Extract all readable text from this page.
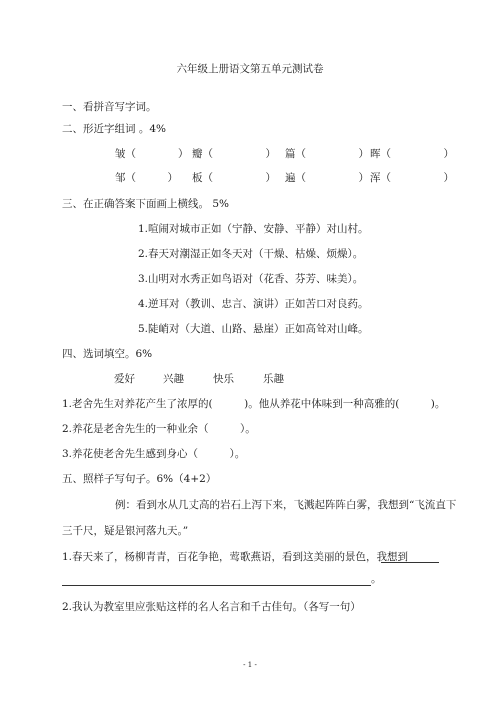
六年级上册语文第五单元测试卷
一、看拼音写字词。
二、形近字组词 。4%
皱（　　　　） 瓣（　　　　　） 篇（　　　　　） 晖（　　　　　）
邹（　　　） 板（　　　　　） 遍（　　　　　） 浑（　　　　　）
三、在正确答案下面画上横线。 5%
1.喧闹对城市正如（宁静、安静、平静）对山村。
2.春天对潮湿正如冬天对（干燥、枯燥、烦燥）。
3.山明对水秀正如鸟语对（花香、芬芳、味美）。
4.逆耳对（教训、忠言、演讲）正如苦口对良药。
5.陡峭对（大道、山路、悬崖）正如高耸对山峰。
四、选词填空。6%
爱好	兴趣	快乐	乐趣
1.老舍先生对养花产生了浓厚的(　　　)。他从养花中体味到一种高雅的(　　　)。
2.养花是老舍先生的一种业余（　　　）。
3.养花使老舍先生感到身心（　　　）。
五、照样子写句子。6%（4+2）
例：看到水从几丈高的岩石上泻下来，飞溅起阵阵白雾，我想到“飞流直下
三千尺，疑是银河落九天。”
1.春天来了，杨柳青青，百花争艳，莺歌燕语，看到这美丽的景色，我想到
。
2.我认为教室里应张贴这样的名人名言和千古佳句。（各写一句）
- 1 -
